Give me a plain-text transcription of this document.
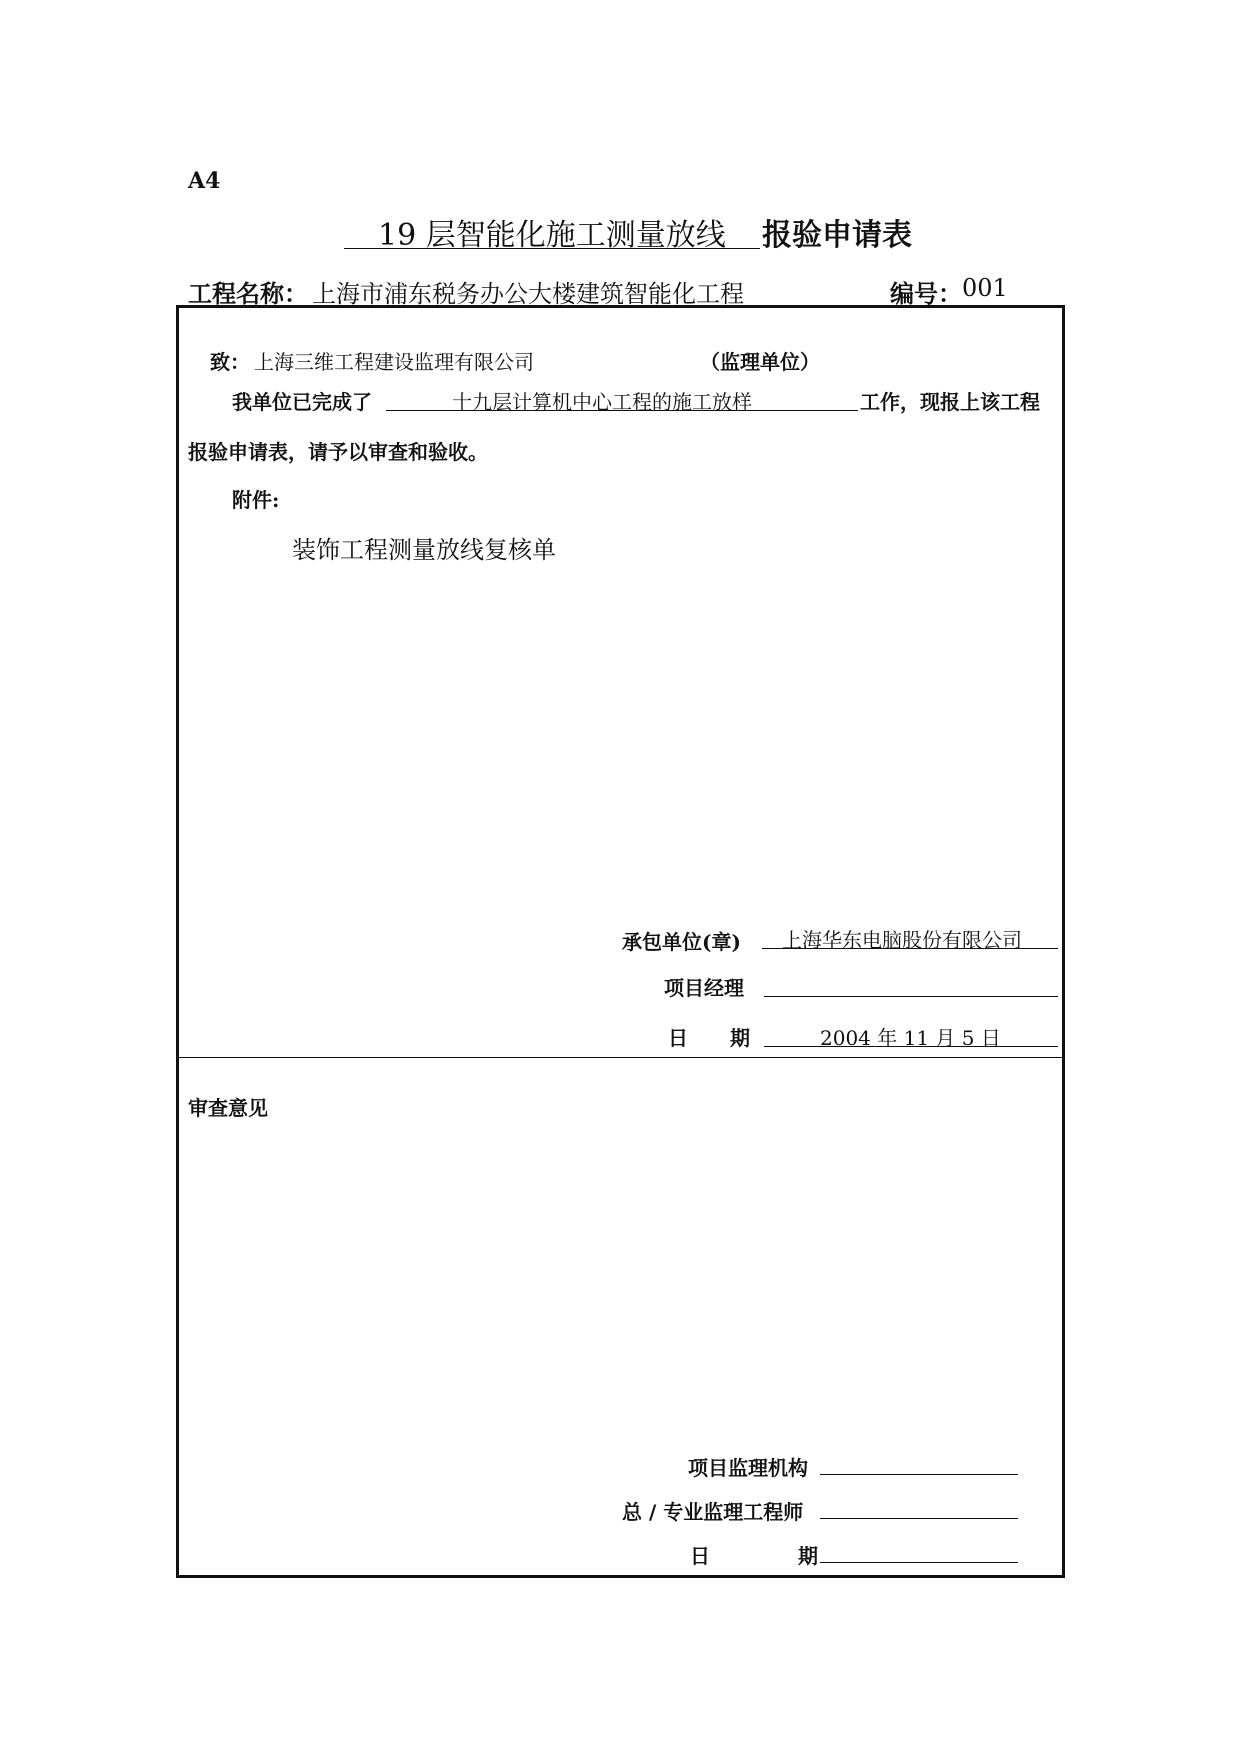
A4
19 层智能化施工测量放线 报验申请表
工程名称： 上海市浦东税务办公大楼建筑智能化工程	编号： 001
致： 上海三维工程建设监理有限公司	（监理单位）
我单位已完成了	十九层计算机中心工程的施工放样	工作，现报上该工程
报验申请表，请予以审查和验收。
附件:
装饰工程测量放线复核单
承包单位(章) 上海华东电脑股份有限公司
项目经理
日 期	2004 年 11 月 5 日
审查意见
项目监理机构
总 / 专业监理工程师
日	期
